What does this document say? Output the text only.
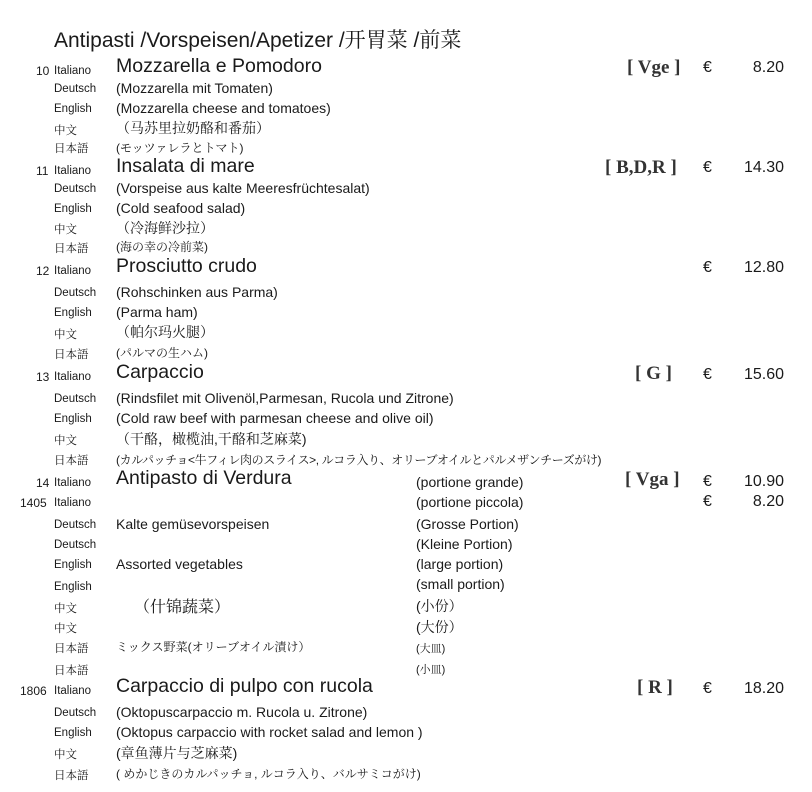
Antipasti /Vorspeisen/Apetizer /开胃菜 /前菜
10 Italiano Mozzarella e Pomodoro	[ Vge ] €	8.20
Deutsch (Mozzarella mit Tomaten)
English (Mozzarella cheese and tomatoes)
中文	（马苏里拉奶酪和番茄）
日本語 (モッツァレラとトマト)
11 Italiano Insalata di mare	[ B,D,R ] €	14.30
Deutsch (Vorspeise aus kalte Meeresfrüchtesalat)
English (Cold seafood salad)
中文	（冷海鲜沙拉）
日本語 (海の幸の冷前菜)
12 Italiano Prosciutto crudo	€	12.80
Deutsch (Rohschinken aus Parma)
English (Parma ham)
中文	（帕尔玛火腿）
日本語 (パルマの生ハム)
13 Italiano Carpaccio	[ G ] €	15.60
Deutsch (Rindsfilet mit Olivenöl,Parmesan, Rucola und Zitrone)
English (Cold raw beef with parmesan cheese and olive oil)
中文	（干酪，橄榄油,干酪和芝麻菜)
日本語 (カルパッチョ<牛フィレ肉のスライス>, ルコラ入り、オリーブオイルとパルメザンチーズがけ)
14 Italiano Antipasto di Verdura	(portione grande)	[ Vga ] €	10.90
1405 Italiano	(portione piccola)	€	8.20
Deutsch Kalte gemüsevorspeisen	(Grosse Portion)
Deutsch	(Kleine Portion)
English Assorted vegetables	(large portion)
English	(small portion)
中文	（什锦蔬菜）	(小份）
中文	(大份）
日本語 ミックス野菜(オリーブオイル漬け）	(大皿)
日本語	(小皿)
1806 Italiano Carpaccio di pulpo con rucola	[ R ] €	18.20
Deutsch (Oktopuscarpaccio m. Rucola u. Zitrone)
English (Oktopus carpaccio with rocket salad and lemon )
中文	(章鱼薄片与芝麻菜)
日本語 ( めかじきのカルパッチョ, ルコラ入り、バルサミコがけ)
